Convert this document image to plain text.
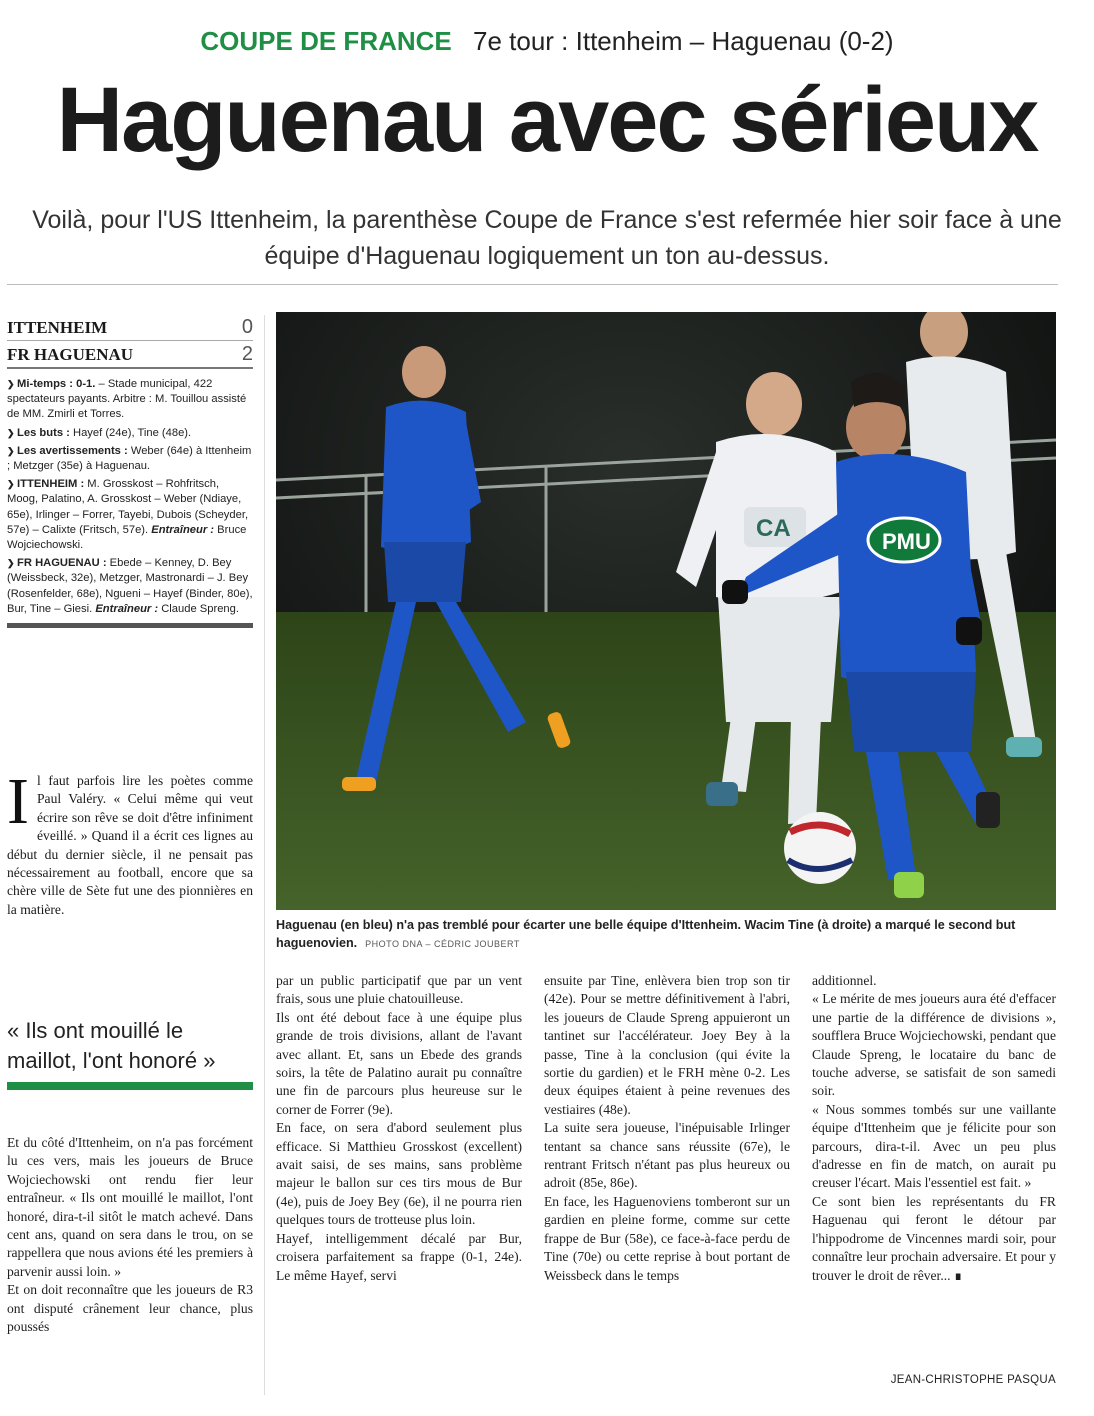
COUPE DE FRANCE 7e tour : Ittenheim – Haguenau (0-2)
Haguenau avec sérieux
Voilà, pour l'US Ittenheim, la parenthèse Coupe de France s'est refermée hier soir face à une équipe d'Haguenau logiquement un ton au-dessus.
ITTENHEIM	0
FR HAGUENAU	2

❯ Mi-temps : 0-1. – Stade municipal, 422 spectateurs payants. Arbitre : M. Touillou assisté de MM. Zmirli et Torres.

❯ Les buts : Hayef (24e), Tine (48e).

❯ Les avertissements : Weber (64e) à Ittenheim ; Metzger (35e) à Haguenau.

❯ ITTENHEIM : M. Grosskost – Rohfritsch, Moog, Palatino, A. Grosskost – Weber (Ndiaye, 65e), Irlinger – Forrer, Tayebi, Dubois (Scheyder, 57e) – Calixte (Fritsch, 57e). Entraîneur : Bruce Wojciechowski.

❯ FR HAGUENAU : Ebede – Kenney, D. Bey (Weissbeck, 32e), Metzger, Mastronardi – J. Bey (Rosenfelder, 68e), Ngueni – Hayef (Binder, 80e), Bur, Tine – Giesi. Entraîneur : Claude Spreng.

CA	PMU
Haguenau (en bleu) n'a pas tremblé pour écarter une belle équipe d'Ittenheim. Wacim Tine (à droite) a marqué le second but haguenovien. PHOTO DNA – CÉDRIC JOUBERT
Il faut parfois lire les poètes comme Paul Valéry. « Celui même qui veut écrire son rêve se doit d'être infiniment éveillé. » Quand il a écrit ces lignes au début du dernier siècle, il ne pensait pas nécessairement au football, encore que sa chère ville de Sète fut une des pionnières en la matière.
« Ils ont mouillé le maillot, l'ont honoré »

Et du côté d'Ittenheim, on n'a pas forcément lu ces vers, mais les joueurs de Bruce Wojciechowski ont rendu fier leur entraîneur. « Ils ont mouillé le maillot, l'ont honoré, dira-t-il sitôt le match achevé. Dans cent ans, quand on sera dans le trou, on se rappellera que nous avions été les premiers à parvenir aussi loin. »

Et on doit reconnaître que les joueurs de R3 ont disputé crânement leur chance, plus poussés

par un public participatif que par un vent frais, sous une pluie chatouilleuse.

Ils ont été debout face à une équipe plus grande de trois divisions, allant de l'avant avec allant. Et, sans un Ebede des grands soirs, la tête de Palatino aurait pu connaître une fin de parcours plus heureuse sur le corner de Forrer (9e).

En face, on sera d'abord seulement plus efficace. Si Matthieu Grosskost (excellent) avait saisi, de ses mains, sans problème majeur le ballon sur ces tirs mous de Bur (4e), puis de Joey Bey (6e), il ne pourra rien quelques tours de trotteuse plus loin.

Hayef, intelligemment décalé par Bur, croisera parfaitement sa frappe (0-1, 24e). Le même Hayef, servi

ensuite par Tine, enlèvera bien trop son tir (42e). Pour se mettre définitivement à l'abri, les joueurs de Claude Spreng appuieront un tantinet sur l'accélérateur. Joey Bey à la passe, Tine à la conclusion (qui évite la sortie du gardien) et le FRH mène 0-2. Les deux équipes étaient à peine revenues des vestiaires (48e).

La suite sera joueuse, l'inépuisable Irlinger tentant sa chance sans réussite (67e), le rentrant Fritsch n'étant pas plus heureux ou adroit (85e, 86e).

En face, les Haguenoviens tomberont sur un gardien en pleine forme, comme sur cette frappe de Bur (58e), ce face-à-face perdu de Tine (70e) ou cette reprise à bout portant de Weissbeck dans le temps

additionnel.

« Le mérite de mes joueurs aura été d'effacer une partie de la différence de divisions », soufflera Bruce Wojciechowski, pendant que Claude Spreng, le locataire du banc de touche adverse, se satisfait de son samedi soir.

« Nous sommes tombés sur une vaillante équipe d'Ittenheim que je félicite pour son parcours, dira-t-il. Avec un peu plus d'adresse en fin de match, on aurait pu creuser l'écart. Mais l'essentiel est fait. »

Ce sont bien les représentants du FR Haguenau qui feront le détour par l'hippodrome de Vincennes mardi soir, pour connaître leur prochain adversaire. Et pour y trouver le droit de rêver... ∎

JEAN-CHRISTOPHE PASQUA
